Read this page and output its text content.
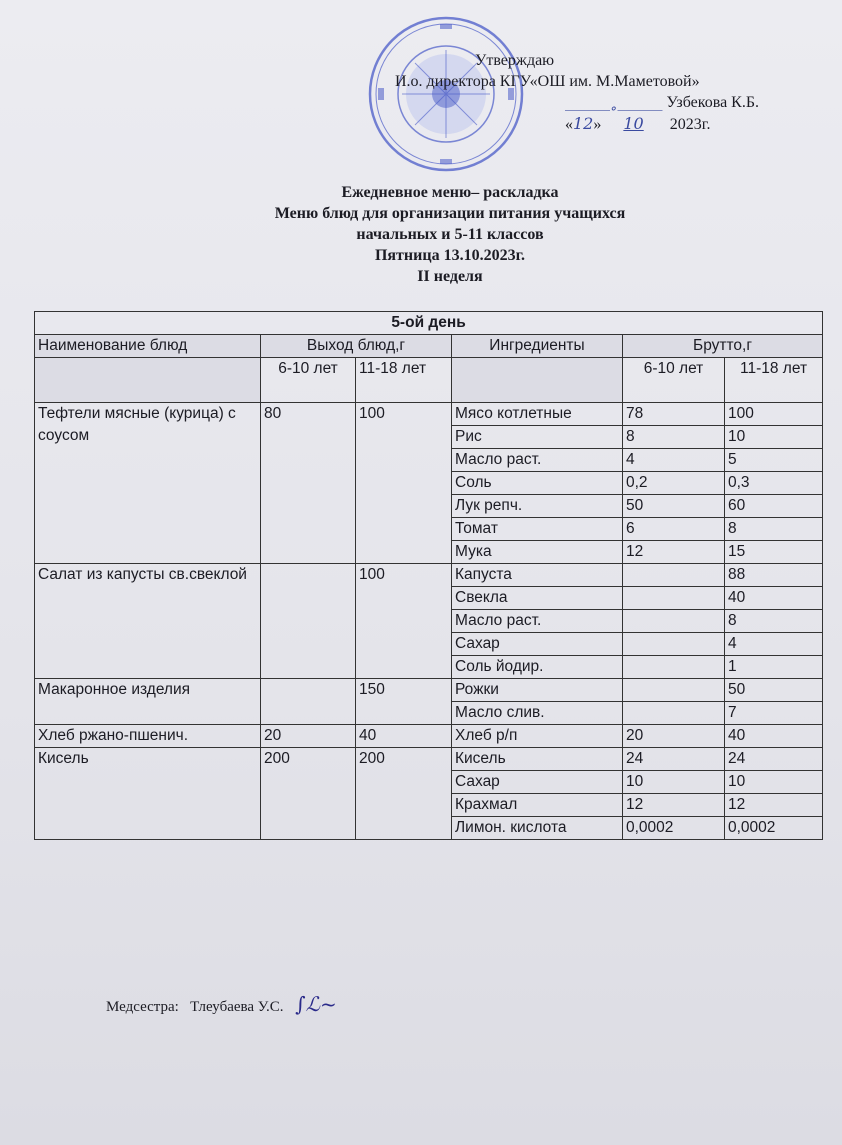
Утверждаю
И.о. директора КГУ«ОШ им. М.Маметовой»
______˳______ Узбекова К.Б.
«12» 10 2023г.
Ежедневное меню– раскладка
Меню блюд для организации питания учащихся
начальных и 5-11 классов
Пятница 13.10.2023г.
II неделя
5-ой день					
Наименование блюд	Выход блюд,г		Ингредиенты	Брутто,г	
	6-10 лет	11-18 лет		6-10 лет	11-18 лет
Тефтели мясные (курица) с соусом	80	100	Мясо котлетные	78	100
			Рис	8	10
			Масло раст.	4	5
			Соль	0,2	0,3
			Лук репч.	50	60
			Томат	6	8
			Мука	12	15
Салат из капусты св.свеклой		100	Капуста		88
			Свекла		40
			Масло раст.		8
			Сахар		4
			Соль йодир.		1
Макаронное изделия		150	Рожки		50
			Масло слив.		7
Хлеб ржано-пшенич.	20	40	Хлеб р/п	20	40
Кисель	200	200	Кисель	24	24
			Сахар	10	10
			Крахмал	12	12
			Лимон. кислота	0,0002	0,0002
Медсестра: Тлеубаева У.С. ∫ℒ~
